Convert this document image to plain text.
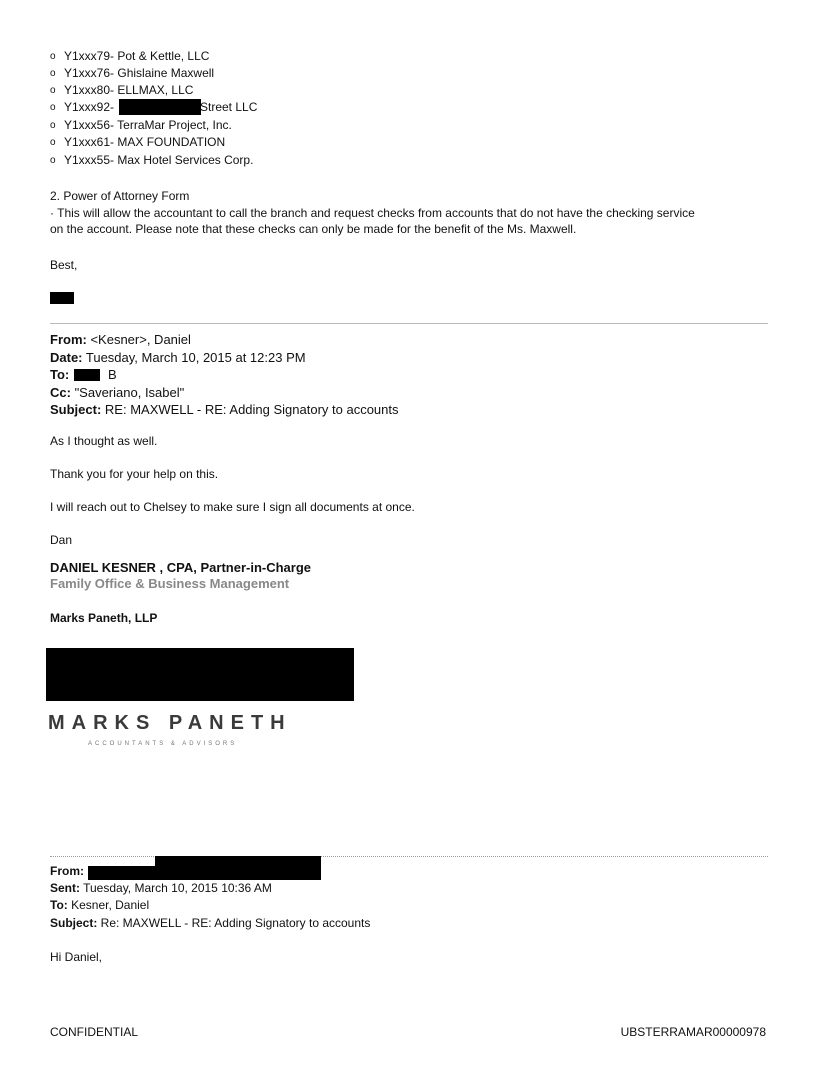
o Y1xxx79- Pot & Kettle, LLC
o Y1xxx76- Ghislaine Maxwell
o Y1xxx80- ELLMAX, LLC
o Y1xxx92-	Street LLC
o Y1xxx56- TerraMar Project, Inc.
o Y1xxx61- MAX FOUNDATION
o Y1xxx55- Max Hotel Services Corp.
2. Power of Attorney Form
· This will allow the accountant to call the branch and request checks from accounts that do not have the checking service
on the account. Please note that these checks can only be made for the benefit of the Ms. Maxwell.
Best,
From: <Kesner>, Daniel
Date: Tuesday, March 10, 2015 at 12:23 PM
To:	B
Cc: "Saveriano, Isabel"
Subject: RE: MAXWELL - RE: Adding Signatory to accounts
As I thought as well.
Thank you for your help on this.
I will reach out to Chelsey to make sure I sign all documents at once.
Dan
DANIEL KESNER , CPA, Partner-in-Charge
Family Office & Business Management
Marks Paneth, LLP
MARKS PANETH
ACCOUNTANTS & ADVISORS
From:
Sent: Tuesday, March 10, 2015 10:36 AM
To: Kesner, Daniel
Subject: Re: MAXWELL - RE: Adding Signatory to accounts
Hi Daniel,
CONFIDENTIAL	UBSTERRAMAR00000978
